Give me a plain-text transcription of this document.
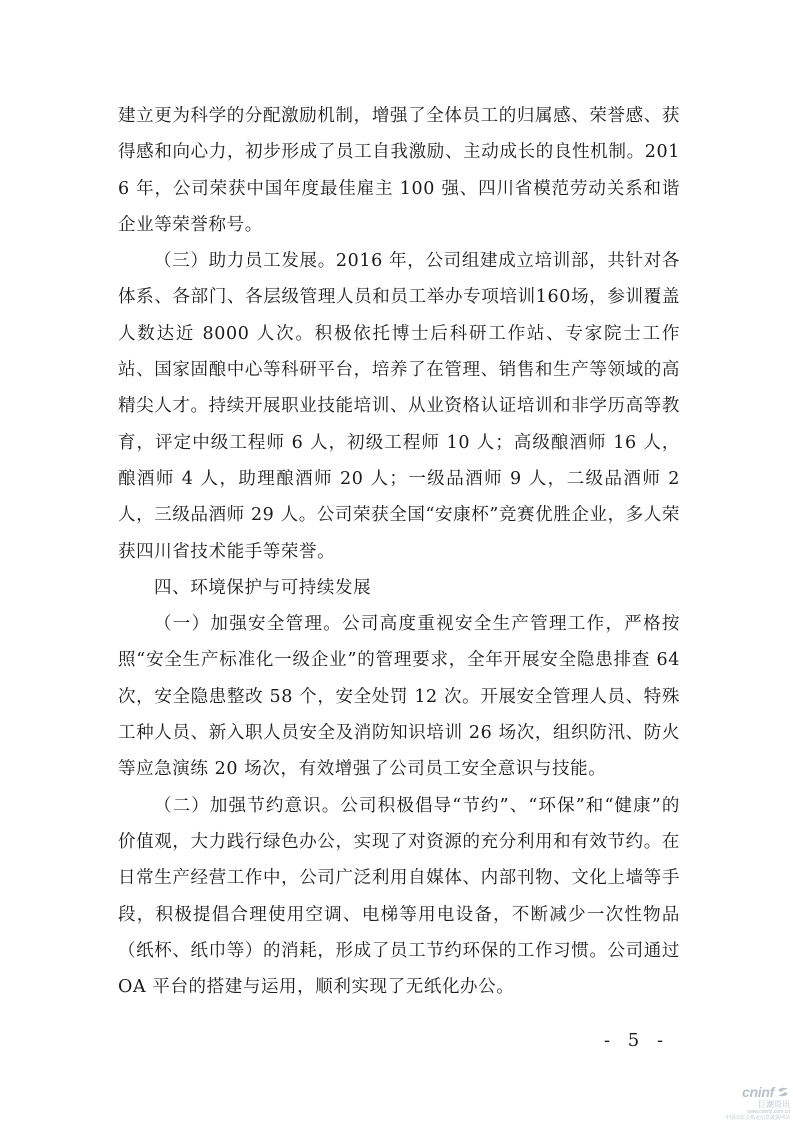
建立更为科学的分配激励机制，增强了全体员工的归属感、荣誉感、获得感和向心力，初步形成了员工自我激励、主动成长的良性机制。2016 年，公司荣获中国年度最佳雇主 100 强、四川省模范劳动关系和谐企业等荣誉称号。

（三）助力员工发展。2016 年，公司组建成立培训部，共针对各体系、各部门、各层级管理人员和员工举办专项培训160场，参训覆盖人数达近 8000 人次。积极依托博士后科研工作站、专家院士工作站、国家固酿中心等科研平台，培养了在管理、销售和生产等领域的高精尖人才。持续开展职业技能培训、从业资格认证培训和非学历高等教育，评定中级工程师 6 人，初级工程师 10 人；高级酿酒师 16 人，酿酒师 4 人，助理酿酒师 20 人；一级品酒师 9 人，二级品酒师 2 人，三级品酒师 29 人。公司荣获全国“安康杯”竞赛优胜企业，多人荣获四川省技术能手等荣誉。

四、环境保护与可持续发展

（一）加强安全管理。公司高度重视安全生产管理工作，严格按照“安全生产标准化一级企业”的管理要求，全年开展安全隐患排查 64 次，安全隐患整改 58 个，安全处罚 12 次。开展安全管理人员、特殊工种人员、新入职人员安全及消防知识培训 26 场次，组织防汛、防火等应急演练 20 场次，有效增强了公司员工安全意识与技能。

（二）加强节约意识。公司积极倡导“节约”、“环保”和“健康”的价值观，大力践行绿色办公，实现了对资源的充分利用和有效节约。在日常生产经营工作中，公司广泛利用自媒体、内部刊物、文化上墙等手段，积极提倡合理使用空调、电梯等用电设备，不断减少一次性物品（纸杯、纸巾等）的消耗，形成了员工节约环保的工作习惯。公司通过 OA 平台的搭建与运用，顺利实现了无纸化办公。

- 5 -
cninf
巨潮资讯
www.cninfo.com.cn
中国证监会指定信息披露网站
